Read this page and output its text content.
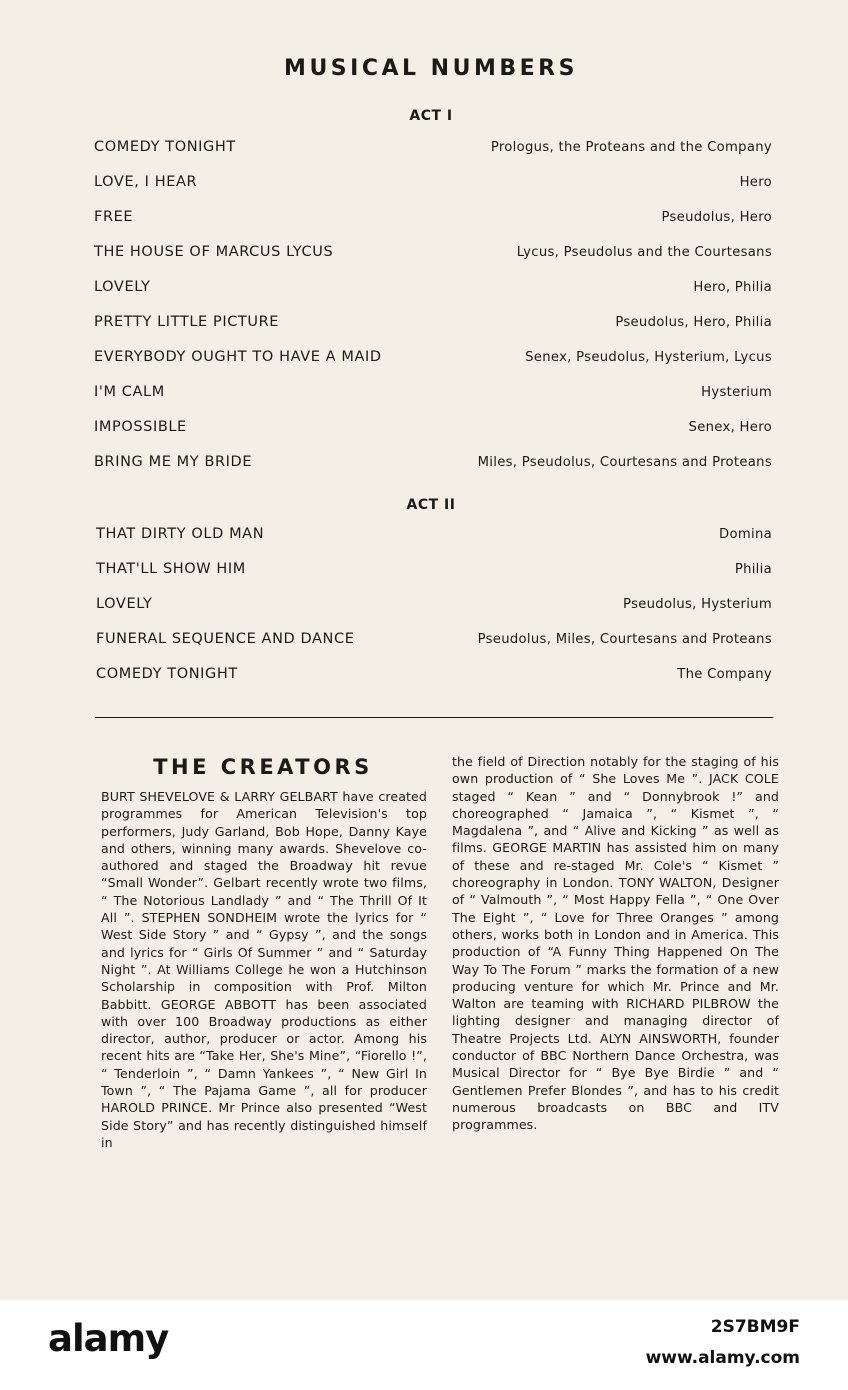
MUSICAL NUMBERS
ACT I
COMEDY TONIGHT	Prologus, the Proteans and the Company
LOVE, I HEAR	Hero
FREE	Pseudolus, Hero
THE HOUSE OF MARCUS LYCUS	Lycus, Pseudolus and the Courtesans
LOVELY	Hero, Philia
PRETTY LITTLE PICTURE	Pseudolus, Hero, Philia
EVERYBODY OUGHT TO HAVE A MAID	Senex, Pseudolus, Hysterium, Lycus
I'M CALM	Hysterium
IMPOSSIBLE	Senex, Hero
BRING ME MY BRIDE	Miles, Pseudolus, Courtesans and Proteans
ACT II
THAT DIRTY OLD MAN	Domina
THAT'LL SHOW HIM	Philia
LOVELY	Pseudolus, Hysterium
FUNERAL SEQUENCE AND DANCE	Pseudolus, Miles, Courtesans and Proteans
COMEDY TONIGHT	The Company
THE CREATORS

BURT SHEVELOVE & LARRY GELBART have created programmes for American Television's top performers, Judy Garland, Bob Hope, Danny Kaye and others, winning many awards. Shevelove co-authored and staged the Broadway hit revue “Small Wonder”. Gelbart recently wrote two films, “ The Notorious Landlady ” and “ The Thrill Of It All ”. STEPHEN SONDHEIM wrote the lyrics for “ West Side Story ” and “ Gypsy ”, and the songs and lyrics for “ Girls Of Summer ” and “ Saturday Night ”. At Williams College he won a Hutchinson Scholarship in composition with Prof. Milton Babbitt. GEORGE ABBOTT has been associated with over 100 Broadway productions as either director, author, producer or actor. Among his recent hits are “Take Her, She's Mine”, “Fiorello !”, “ Tenderloin ”, “ Damn Yankees ”, “ New Girl In Town ”, “ The Pajama Game ”, all for producer HAROLD PRINCE. Mr Prince also presented “West Side Story” and has recently distinguished himself in

the field of Direction notably for the staging of his own production of “ She Loves Me ”. JACK COLE staged “ Kean ” and “ Donnybrook !” and choreographed “ Jamaica ”, “ Kismet ”, “ Magdalena ”, and “ Alive and Kicking ” as well as films. GEORGE MARTIN has assisted him on many of these and re-staged Mr. Cole's “ Kismet ” choreography in London. TONY WALTON, Designer of “ Valmouth ”, “ Most Happy Fella ”, “ One Over The Eight ”, “ Love for Three Oranges ” among others, works both in London and in America. This production of “A Funny Thing Happened On The Way To The Forum ” marks the formation of a new producing venture for which Mr. Prince and Mr. Walton are teaming with RICHARD PILBROW the lighting designer and managing director of Theatre Projects Ltd. ALYN AINSWORTH, founder conductor of BBC Northern Dance Orchestra, was Musical Director for “ Bye Bye Birdie ” and “ Gentlemen Prefer Blondes ”, and has to his credit numerous broadcasts on BBC and ITV programmes.

alamy	2S7BM9F
www.alamy.com
